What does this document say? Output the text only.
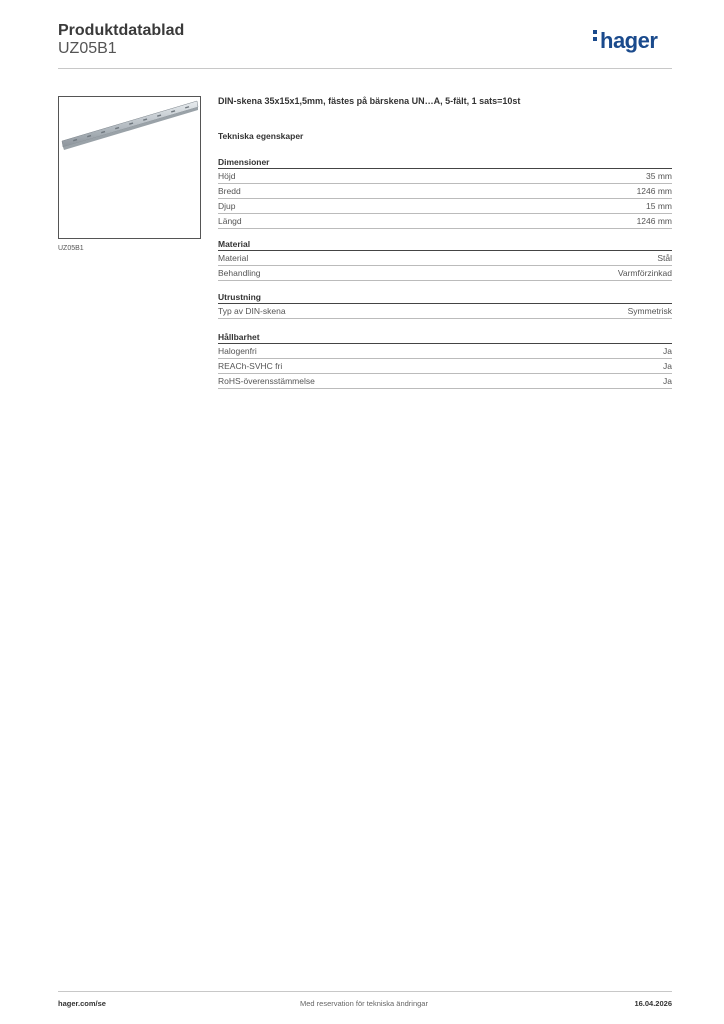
Produktdatablad
UZ05B1	hager
UZ05B1
DIN-skena 35x15x1,5mm, fästes på bärskena UN…A, 5-fält, 1 sats=10st
Tekniska egenskaper
Dimensioner
Höjd	35 mm
Bredd	1246 mm
Djup	15 mm
Längd	1246 mm
Material
Material	Stål
Behandling	Varmförzinkad
Utrustning
Typ av DIN-skena	Symmetrisk
Hållbarhet
Halogenfri	Ja
REACh-SVHC fri	Ja
RoHS-överensstämmelse	Ja
hager.com/se	Med reservation för tekniska ändringar	16.04.2026
